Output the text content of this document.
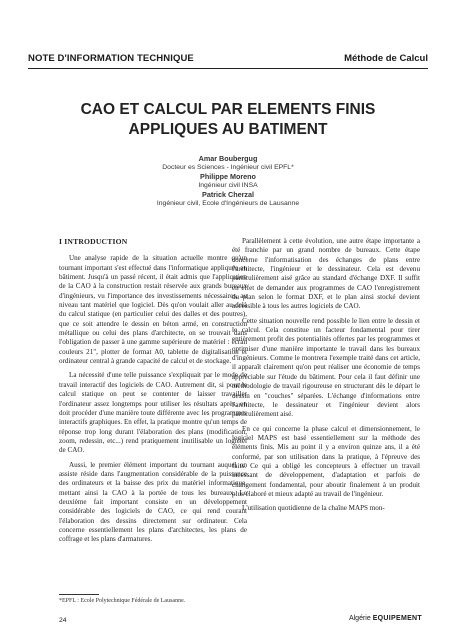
NOTE D'INFORMATION TECHNIQUE	Méthode de Calcul
CAO ET CALCUL PAR ELEMENTS FINIS
APPLIQUES AU BATIMENT
Amar Boubergug
Docteur es Sciences - Ingénieur civil EPFL*
Philippe Moreno
Ingénieur civil INSA
Patrick Cherzal
Ingénieur civil, Ecole d'Ingénieurs de Lausanne
I INTRODUCTION

Une analyse rapide de la situation actuelle montre qu'un tournant important s'est effectué dans l'informatique appliquée au bâtiment. Jusqu'à un passé récent, il était admis que l'application de la CAO à la construction restait réservée aux grands bureaux d'ingénieurs, vu l'importance des investissements nécessaires, au niveau tant matériel que logiciel. Dès qu'on voulait aller au-delà du calcul statique (en particulier celui des dalles et des poutres), que ce soit attendre le dessin en béton armé, en construction métallique ou celui des plans d'architecte, on se trouvait dans l'obligation de passer à une gamme supérieure de matériel : écran couleurs 21", plotter de format A0, tablette de digitalisation et ordinateur central à grande capacité de calcul et de stockage.

La nécessité d'une telle puissance s'expliquait par le mode de travail interactif des logiciels de CAO. Autrement dit, si pour le calcul statique on peut se contenter de laisser travailler l'ordinateur assez longtemps pour utiliser les résultats après, on doit procéder d'une manière toute différente avec les programmes interactifs graphiques. En effet, la pratique montre qu'un temps de réponse trop long durant l'élaboration des plans (modification, zoom, redessin, etc...) rend pratiquement inutilisable un logiciel de CAO.

Aussi, le premier élément important du tournant auquel on assiste réside dans l'augmentation considérable de la puissance des ordinateurs et la baisse des prix du matériel informatique, mettant ainsi la CAO à la portée de tous les bureaux. Le deuxième fait important consiste en un développement considérable des logiciels de CAO, ce qui rend courant l'élaboration des dessins directement sur ordinateur. Cela concerne essentiellement les plans d'architectes, les plans de coffrage et les plans d'armatures.

Parallèlement à cette évolution, une autre étape importante a été franchie par un grand nombre de bureaux. Cette étape concerne l'informatisation des échanges de plans entre l'architecte, l'ingénieur et le dessinateur. Cela est devenu particulièrement aisé grâce au standard d'échange DXF. Il suffit en effet de demander aux programmes de CAO l'enregistrement du plan selon le format DXF, et le plan ainsi stocké devient accessible à tous les autres logiciels de CAO.

Cette situation nouvelle rend possible le lien entre le dessin et le calcul. Cela constitue un facteur fondamental pour tirer entièrement profit des potentialités offertes par les programmes et optimiser d'une manière importante le travail dans les bureaux d'ingénieurs. Comme le montrera l'exemple traité dans cet article, il apparaît clairement qu'on peut réaliser une économie de temps appréciable sur l'étude du bâtiment. Pour cela il faut définir une méthodologie de travail rigoureuse en structurant dès le départ le dessin en "couches" séparées. L'échange d'informations entre l'architecte, le dessinateur et l'ingénieur devient alors particulièrement aisé.

En ce qui concerne la phase calcul et dimensionnement, le logiciel MAPS est basé essentiellement sur la méthode des éléments finis. Mis au point il y a environ quinze ans, il a été conformé, par son utilisation dans la pratique, à l'épreuve des faits. Ce qui a obligé les concepteurs à effectuer un travail incessant de développement, d'adaptation et parfois de changement fondamental, pour aboutir finalement à un produit plus élaboré et mieux adapté au travail de l'ingénieur.

L'utilisation quotidienne de la chaîne MAPS mon-

*EPFL : Ecole Polytechnique Fédérale de Lausanne.
24	Algérie EQUIPEMENT
